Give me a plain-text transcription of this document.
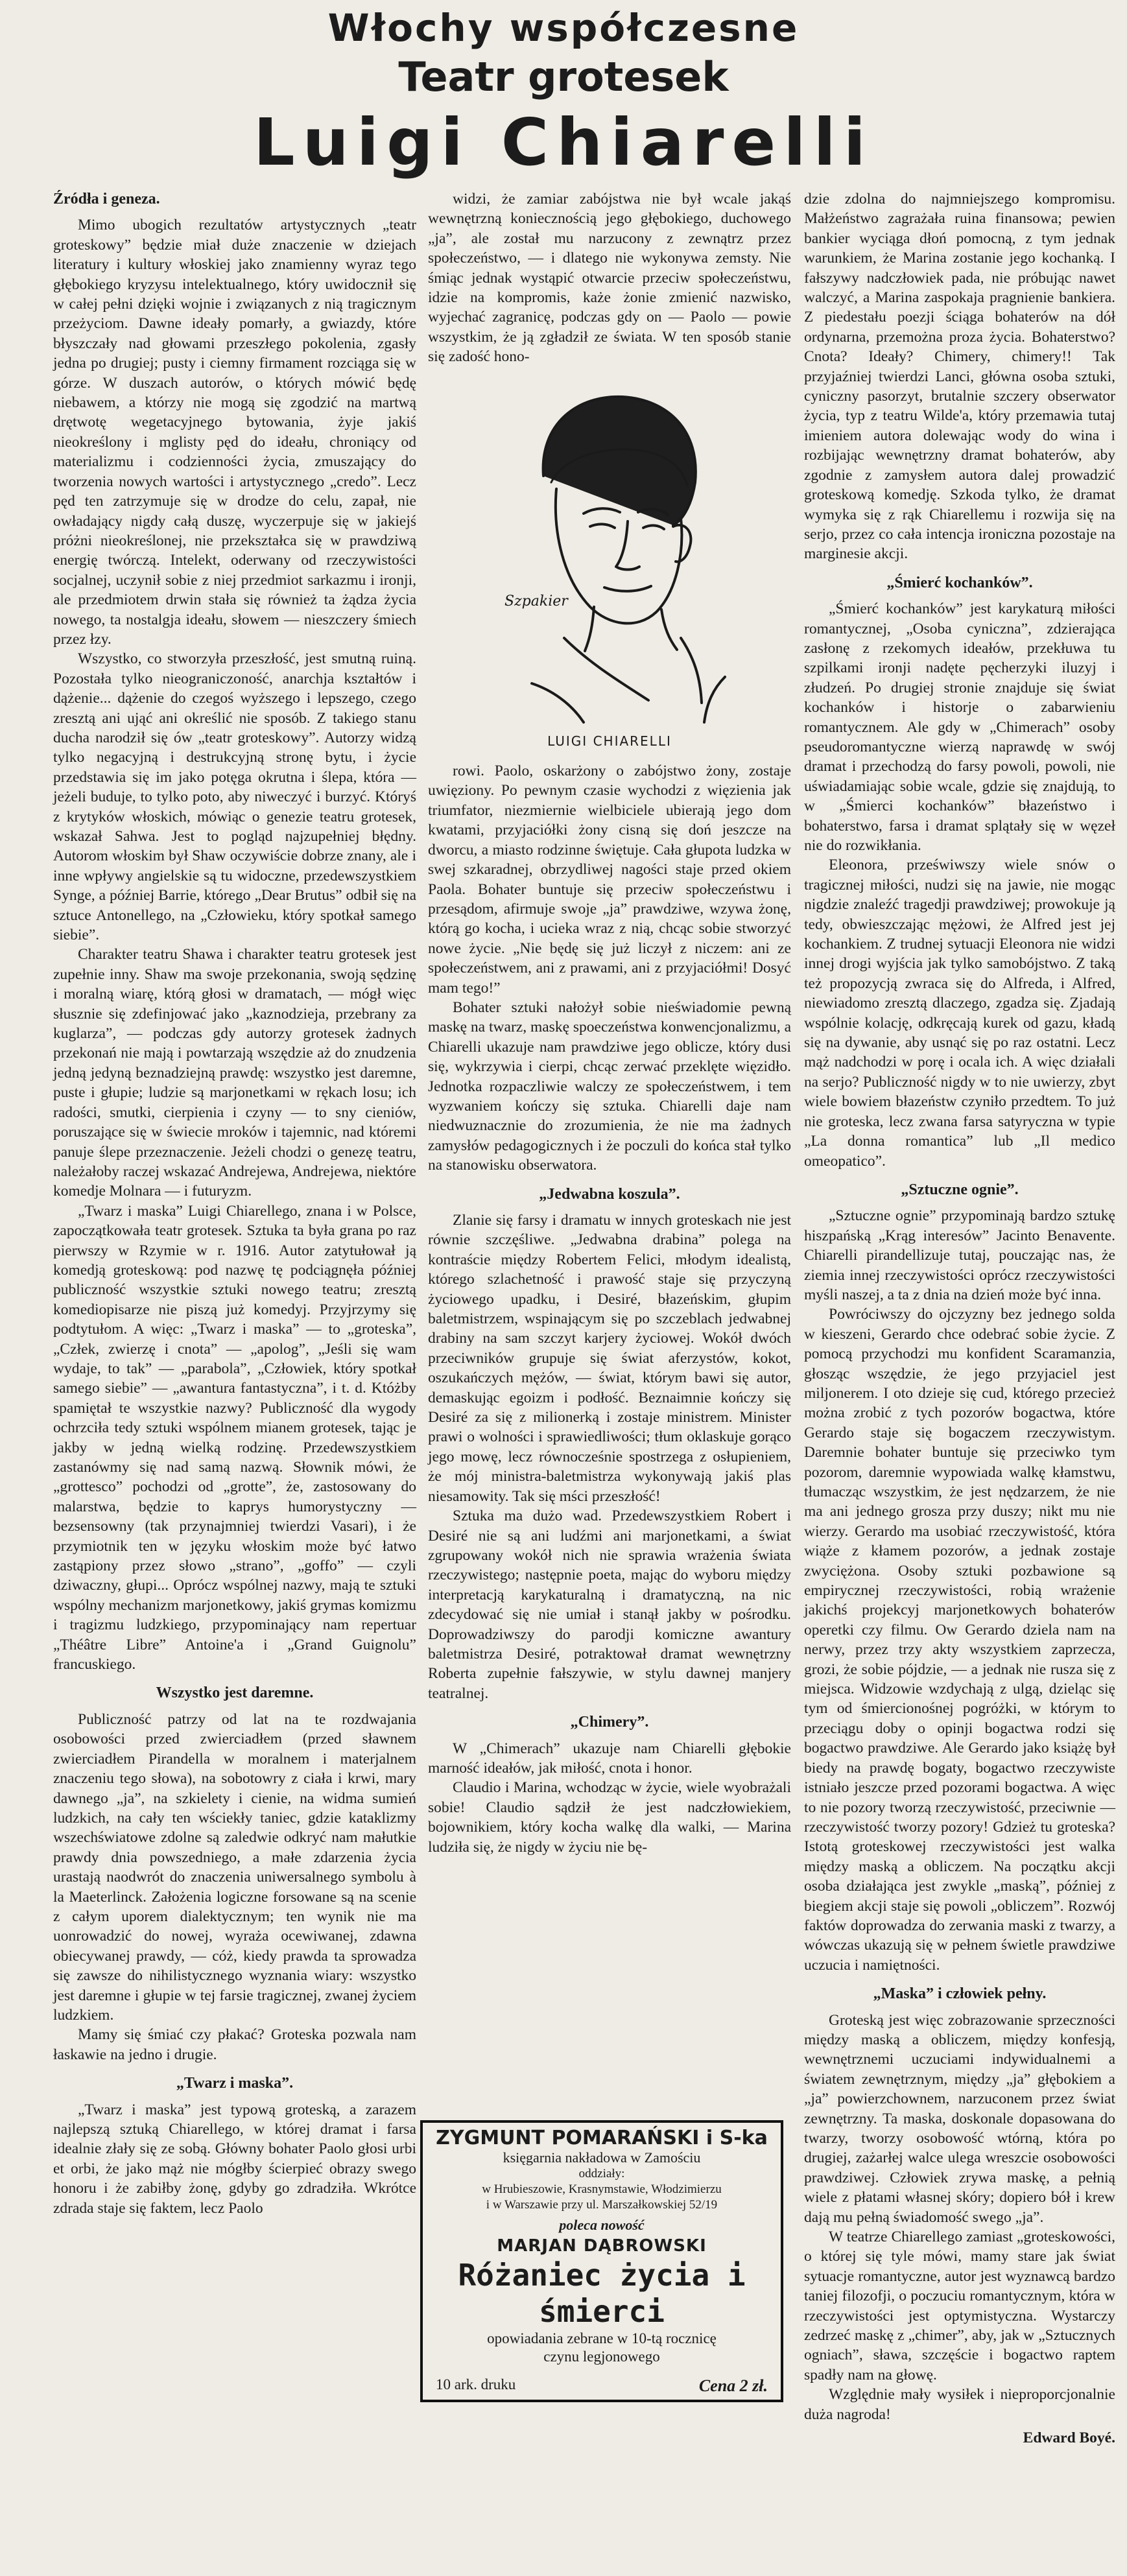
Włochy współczesne
Teatr grotesek
Luigi Chiarelli
Źródła i geneza.

Mimo ubogich rezultatów artystycznych „teatr groteskowy” będzie miał duże znaczenie w dziejach literatury i kultury włoskiej jako znamienny wyraz tego głębokiego kryzysu intelektualnego, który uwidocznił się w całej pełni dzięki wojnie i związanych z nią tragicznym przeżyciom. Dawne ideały pomarły, a gwiazdy, które błyszczały nad głowami przeszłego pokolenia, zgasły jedna po drugiej; pusty i ciemny firmament rozciąga się w górze. W duszach autorów, o których mówić będę niebawem, a którzy nie mogą się zgodzić na martwą drętwotę wegetacyjnego bytowania, żyje jakiś nieokreślony i mglisty pęd do ideału, chroniący od materializmu i codzienności życia, zmuszający do tworzenia nowych wartości i artystycznego „credo”. Lecz pęd ten zatrzymuje się w drodze do celu, zapał, nie owładający nigdy całą duszę, wyczerpuje się w jakiejś próżni nieokreślonej, nie przekształca się w prawdziwą energię twórczą. Intelekt, oderwany od rzeczywistości socjalnej, uczynił sobie z niej przedmiot sarkazmu i ironji, ale przedmiotem drwin stała się również ta żądza życia nowego, ta nostalgja ideału, słowem — nieszczery śmiech przez łzy.

Wszystko, co stworzyła przeszłość, jest smutną ruiną. Pozostała tylko nieograniczoność, anarchja kształtów i dążenie... dążenie do czegoś wyższego i lepszego, czego zresztą ani ująć ani określić nie sposób. Z takiego stanu ducha narodził się ów „teatr groteskowy”. Autorzy widzą tylko negacyjną i destrukcyjną stronę bytu, i życie przedstawia się im jako potęga okrutna i ślepa, która — jeżeli buduje, to tylko poto, aby niweczyć i burzyć. Któryś z krytyków włoskich, mówiąc o genezie teatru grotesek, wskazał Sahwa. Jest to pogląd najzupełniej błędny. Autorom włoskim był Shaw oczywiście dobrze znany, ale i inne wpływy angielskie są tu widoczne, przedewszystkiem Synge, a później Barrie, którego „Dear Brutus” odbił się na sztuce Antonellego, na „Człowieku, który spotkał samego siebie”.

Charakter teatru Shawa i charakter teatru grotesek jest zupełnie inny. Shaw ma swoje przekonania, swoją sędzinę i moralną wiarę, którą głosi w dramatach, — mógł więc słusznie się zdefinjować jako „kaznodzieja, przebrany za kuglarza”, — podczas gdy autorzy grotesek żadnych przekonań nie mają i powtarzają wszędzie aż do znudzenia jedną jedyną beznadziejną prawdę: wszystko jest daremne, puste i głupie; ludzie są marjonetkami w rękach losu; ich radości, smutki, cierpienia i czyny — to sny cieniów, poruszające się w świecie mroków i tajemnic, nad któremi panuje ślepe przeznaczenie. Jeżeli chodzi o genezę teatru, należałoby raczej wskazać Andrejewa, Andrejewa, niektóre komedje Molnara — i futuryzm.

„Twarz i maska” Luigi Chiarellego, znana i w Polsce, zapoczątkowała teatr grotesek. Sztuka ta była grana po raz pierwszy w Rzymie w r. 1916. Autor zatytułował ją komedją groteskową: pod nazwę tę podciągnęła później publiczność wszystkie sztuki nowego teatru; zresztą komediopisarze nie piszą już komedyj. Przyjrzymy się podtytułom. A więc: „Twarz i maska” — to „groteska”, „Człek, zwierzę i cnota” — „apolog”, „Jeśli się wam wydaje, to tak” — „parabola”, „Człowiek, który spotkał samego siebie” — „awantura fantastyczna”, i t. d. Któżby spamiętał te wszystkie nazwy? Publiczność dla wygody ochrzciła tedy sztuki wspólnem mianem grotesek, tając je jakby w jedną wielką rodzinę. Przedewszystkiem zastanówmy się nad samą nazwą. Słownik mówi, że „grottesco” pochodzi od „grotte”, że, zastosowany do malarstwa, będzie to kaprys humorystyczny — bezsensowny (tak przynajmniej twierdzi Vasari), i że przymiotnik ten w języku włoskim może być łatwo zastąpiony przez słowo „strano”, „goffo” — czyli dziwaczny, głupi... Oprócz wspólnej nazwy, mają te sztuki wspólny mechanizm marjonetkowy, jakiś grymas komizmu i tragizmu ludzkiego, przypominający nam repertuar „Théâtre Libre” Antoine'a i „Grand Guignolu” francuskiego.

Wszystko jest daremne.

Publiczność patrzy od lat na te rozdwajania osobowości przed zwierciadłem (przed sławnem zwierciadłem Pirandella w moralnem i materjalnem znaczeniu tego słowa), na sobotowry z ciała i krwi, mary dawnego „ja”, na szkielety i cienie, na widma sumień ludzkich, na cały ten wściekły taniec, gdzie kataklizmy wszechświatowe zdolne są zaledwie odkryć nam małutkie prawdy dnia powszedniego, a małe zdarzenia życia urastają naodwrót do znaczenia uniwersalnego symbolu à la Maeterlinck. Założenia logiczne forsowane są na scenie z całym uporem dialektycznym; ten wynik nie ma uonrowadzić do nowej, wyraża ocewiwanej, zdawna obiecywanej prawdy, — cóż, kiedy prawda ta sprowadza się zawsze do nihilistycznego wyznania wiary: wszystko jest daremne i głupie w tej farsie tragicznej, zwanej życiem ludzkiem.

Mamy się śmiać czy płakać? Groteska pozwala nam łaskawie na jedno i drugie.

„Twarz i maska”.

„Twarz i maska” jest typową groteską, a zarazem najlepszą sztuką Chiarellego, w której dramat i farsa idealnie złały się ze sobą. Główny bohater Paolo głosi urbi et orbi, że jako mąż nie mógłby ścierpieć obrazy swego honoru i że zabiłby żonę, gdyby go zdradziła. Wkrótce zdrada staje się faktem, lecz Paolo

widzi, że zamiar zabójstwa nie był wcale jakąś wewnętrzną koniecznością jego głębokiego, duchowego „ja”, ale został mu narzucony z zewnątrz przez społeczeństwo, — i dlatego nie wykonywa zemsty. Nie śmiąc jednak wystąpić otwarcie przeciw społeczeństwu, idzie na kompromis, każe żonie zmienić nazwisko, wyjechać zagranicę, podczas gdy on — Paolo — powie wszystkim, że ją zgładził ze świata. W ten sposób stanie się zadość hono-

Szpakier
LUIGI CHIARELLI

rowi. Paolo, oskarżony o zabójstwo żony, zostaje uwięziony. Po pewnym czasie wychodzi z więzienia jak triumfator, niezmiernie wielbiciele ubierają jego dom kwatami, przyjaciółki żony cisną się doń jeszcze na dworcu, a miasto rodzinne świętuje. Cała głupota ludzka w swej szkaradnej, obrzydliwej nagości staje przed okiem Paola. Bohater buntuje się przeciw społeczeństwu i przesądom, afirmuje swoje „ja” prawdziwe, wzywa żonę, którą go kocha, i ucieka wraz z nią, chcąc sobie stworzyć nowe życie. „Nie będę się już liczył z niczem: ani ze społeczeństwem, ani z prawami, ani z przyjaciółmi! Dosyć mam tego!”

Bohater sztuki nałożył sobie nieświadomie pewną maskę na twarz, maskę spoeczeństwa konwencjonalizmu, a Chiarelli ukazuje nam prawdziwe jego oblicze, który dusi się, wykrzywia i cierpi, chcąc zerwać przeklęte więzidło. Jednotka rozpaczliwie walczy ze społeczeństwem, i tem wyzwaniem kończy się sztuka. Chiarelli daje nam niedwuznacznie do zrozumienia, że nie ma żadnych zamysłów pedagogicznych i że poczuli do końca stał tylko na stanowisku obserwatora.

„Jedwabna koszula”.

Zlanie się farsy i dramatu w innych groteskach nie jest równie szczęśliwe. „Jedwabna drabina” polega na kontraście między Robertem Felici, młodym idealistą, którego szlachetność i prawość staje się przyczyną życiowego upadku, i Desiré, błazeńskim, głupim baletmistrzem, wspinającym się po szczeblach jedwabnej drabiny na sam szczyt karjery życiowej. Wokół dwóch przeciwników grupuje się świat aferzystów, kokot, oszukańczych mężów, — świat, którym bawi się autor, demaskując egoizm i podłość. Beznaimnie kończy się Desiré za się z milionerką i zostaje ministrem. Minister prawi o wolności i sprawiedliwości; tłum oklaskuje gorąco jego mowę, lecz równocześnie spostrzega z osłupieniem, że mój ministra-baletmistrza wykonywają jakiś plas niesamowity. Tak się mści przeszłość!

Sztuka ma dużo wad. Przedewszystkiem Robert i Desiré nie są ani ludźmi ani marjonetkami, a świat zgrupowany wokół nich nie sprawia wrażenia świata rzeczywistego; następnie poeta, mając do wyboru między interpretacją karykaturalną i dramatyczną, na nic zdecydować się nie umiał i stanął jakby w pośrodku. Doprowadziwszy do parodji komiczne awantury baletmistrza Desiré, potraktował dramat wewnętrzny Roberta zupełnie fałszywie, w stylu dawnej manjery teatralnej.

„Chimery”.

W „Chimerach” ukazuje nam Chiarelli głębokie marność ideałów, jak miłość, cnota i honor.

Claudio i Marina, wchodząc w życie, wiele wyobrażali sobie! Claudio sądził że jest nadczłowiekiem, bojownikiem, który kocha walkę dla walki, — Marina ludziła się, że nigdy w życiu nie bę-

dzie zdolna do najmniejszego kompromisu. Małżeństwo zagrażała ruina finansowa; pewien bankier wyciąga dłoń pomocną, z tym jednak warunkiem, że Marina zostanie jego kochanką. I fałszywy nadczłowiek pada, nie próbując nawet walczyć, a Marina zaspokaja pragnienie bankiera. Z piedestału poezji ściąga bohaterów na dół ordynarna, przemożna proza życia. Bohaterstwo? Cnota? Ideały? Chimery, chimery!! Tak przyjaźniej twierdzi Lanci, główna osoba sztuki, cyniczny pasorzyt, brutalnie szczery obserwator życia, typ z teatru Wilde'a, który przemawia tutaj imieniem autora dolewając wody do wina i rozbijając wewnętrzny dramat bohaterów, aby zgodnie z zamysłem autora dalej prowadzić groteskową komedję. Szkoda tylko, że dramat wymyka się z rąk Chiarellemu i rozwija się na serjo, przez co cała intencja ironiczna pozostaje na marginesie akcji.

„Śmierć kochanków”.

„Śmierć kochanków” jest karykaturą miłości romantycznej, „Osoba cyniczna”, zdzierająca zasłonę z rzekomych ideałów, przekłuwa tu szpilkami ironji nadęte pęcherzyki iluzyj i złudzeń. Po drugiej stronie znajduje się świat kochanków i historje o zabarwieniu romantycznem. Ale gdy w „Chimerach” osoby pseudoromantyczne wierzą naprawdę w swój dramat i przechodzą do farsy powoli, powoli, nie uświadamiając sobie wcale, gdzie się znajdują, to w „Śmierci kochanków” błazeństwo i bohaterstwo, farsa i dramat splątały się w węzeł nie do rozwikłania.

Eleonora, przeświwszy wiele snów o tragicznej miłości, nudzi się na jawie, nie mogąc nigdzie znaleźć tragedji prawdziwej; prowokuje ją tedy, obwieszczając mężowi, że Alfred jest jej kochankiem. Z trudnej sytuacji Eleonora nie widzi innej drogi wyjścia jak tylko samobójstwo. Z taką też propozycją zwraca się do Alfreda, i Alfred, niewiadomo zresztą dlaczego, zgadza się. Zjadają wspólnie kolację, odkręcają kurek od gazu, kładą się na dywanie, aby usnąć się po raz ostatni. Lecz mąż nadchodzi w porę i ocala ich. A więc działali na serjo? Publiczność nigdy w to nie uwierzy, zbyt wiele bowiem błazeństw czyniło przedtem. To już nie groteska, lecz zwana farsa satyryczna w typie „La donna romantica” lub „Il medico omeopatico”.

„Sztuczne ognie”.

„Sztuczne ognie” przypominają bardzo sztukę hiszpańską „Krąg interesów” Jacinto Benavente. Chiarelli pirandellizuje tutaj, pouczając nas, że ziemia innej rzeczywistości oprócz rzeczywistości myśli naszej, a ta z dnia na dzień może być inna.

Powróciwszy do ojczyzny bez jednego solda w kieszeni, Gerardo chce odebrać sobie życie. Z pomocą przychodzi mu konfident Scaramanzia, głosząc wszędzie, że jego przyjaciel jest miljonerem. I oto dzieje się cud, którego przecież można zrobić z tych pozorów bogactwa, które Gerardo staje się bogaczem rzeczywistym. Daremnie bohater buntuje się przeciwko tym pozorom, daremnie wypowiada walkę kłamstwu, tłumacząc wszystkim, że jest nędzarzem, że nie ma ani jednego grosza przy duszy; nikt mu nie wierzy. Gerardo ma usobiać rzeczywistość, która wiąże z kłamem pozorów, a jednak zostaje zwyciężona. Osoby sztuki pozbawione są empirycznej rzeczywistości, robią wrażenie jakichś projekcyj marjonetkowych bohaterów operetki czy filmu. Ow Gerardo dziela nam na nerwy, przez trzy akty wszystkiem zaprzecza, grozi, że sobie pójdzie, — a jednak nie rusza się z miejsca. Widzowie wzdychają z ulgą, dzieląc się tym od śmiercionośnej pogróżki, w którym to przeciągu doby o opinji bogactwa rodzi się bogactwo prawdziwe. Ale Gerardo jako książę był biedy na prawdę bogaty, bogactwo rzeczywiste istniało jeszcze przed pozorami bogactwa. A więc to nie pozory tworzą rzeczywistość, przeciwnie — rzeczywistość tworzy pozory! Gdzież tu groteska? Istotą groteskowej rzeczywistości jest walka między maską a obliczem. Na początku akcji osoba działająca jest zwykle „maską”, później z biegiem akcji staje się powoli „obliczem”. Rozwój faktów doprowadza do zerwania maski z twarzy, a wówczas ukazują się w pełnem świetle prawdziwe uczucia i namiętności.

„Maska” i człowiek pełny.

Groteską jest więc zobrazowanie sprzeczności między maską a obliczem, między konfesją, wewnętrznemi uczuciami indywidualnemi a światem zewnętrznym, między „ja” głębokiem a „ja” powierzchownem, narzuconem przez świat zewnętrzny. Ta maska, doskonale dopasowana do twarzy, tworzy osobowość wtórną, która po drugiej, zażarłej walce ulega wreszcie osobowości prawdziwej. Człowiek zrywa maskę, a pełnią wiele z płatami własnej skóry; dopiero bół i krew dają mu pełną świadomość swego „ja”.

W teatrze Chiarellego zamiast „groteskowości, o której się tyle mówi, mamy stare jak świat sytuacje romantyczne, autor jest wyznawcą bardzo taniej filozofji, o poczuciu romantycznym, która w rzeczywistości jest optymistyczna. Wystarczy zedrzeć maskę z „chimer”, aby, jak w „Sztucznych ogniach”, sława, szczęście i bogactwo raptem spadły nam na głowę.

Względnie mały wysiłek i nieproporcjonalnie duża nagroda!

Edward Boyé.
ZYGMUNT POMARAŃSKI i S-ka
księgarnia nakładowa w Zamościu
oddziały:
w Hrubieszowie, Krasnymstawie, Włodzimierzu
i w Warszawie przy ul. Marszałkowskiej 52/19
poleca nowość
MARJAN DĄBROWSKI
Różaniec życia i śmierci
opowiadania zebrane w 10-tą rocznicę
czynu legjonowego
10 ark. druku	Cena 2 zł.
